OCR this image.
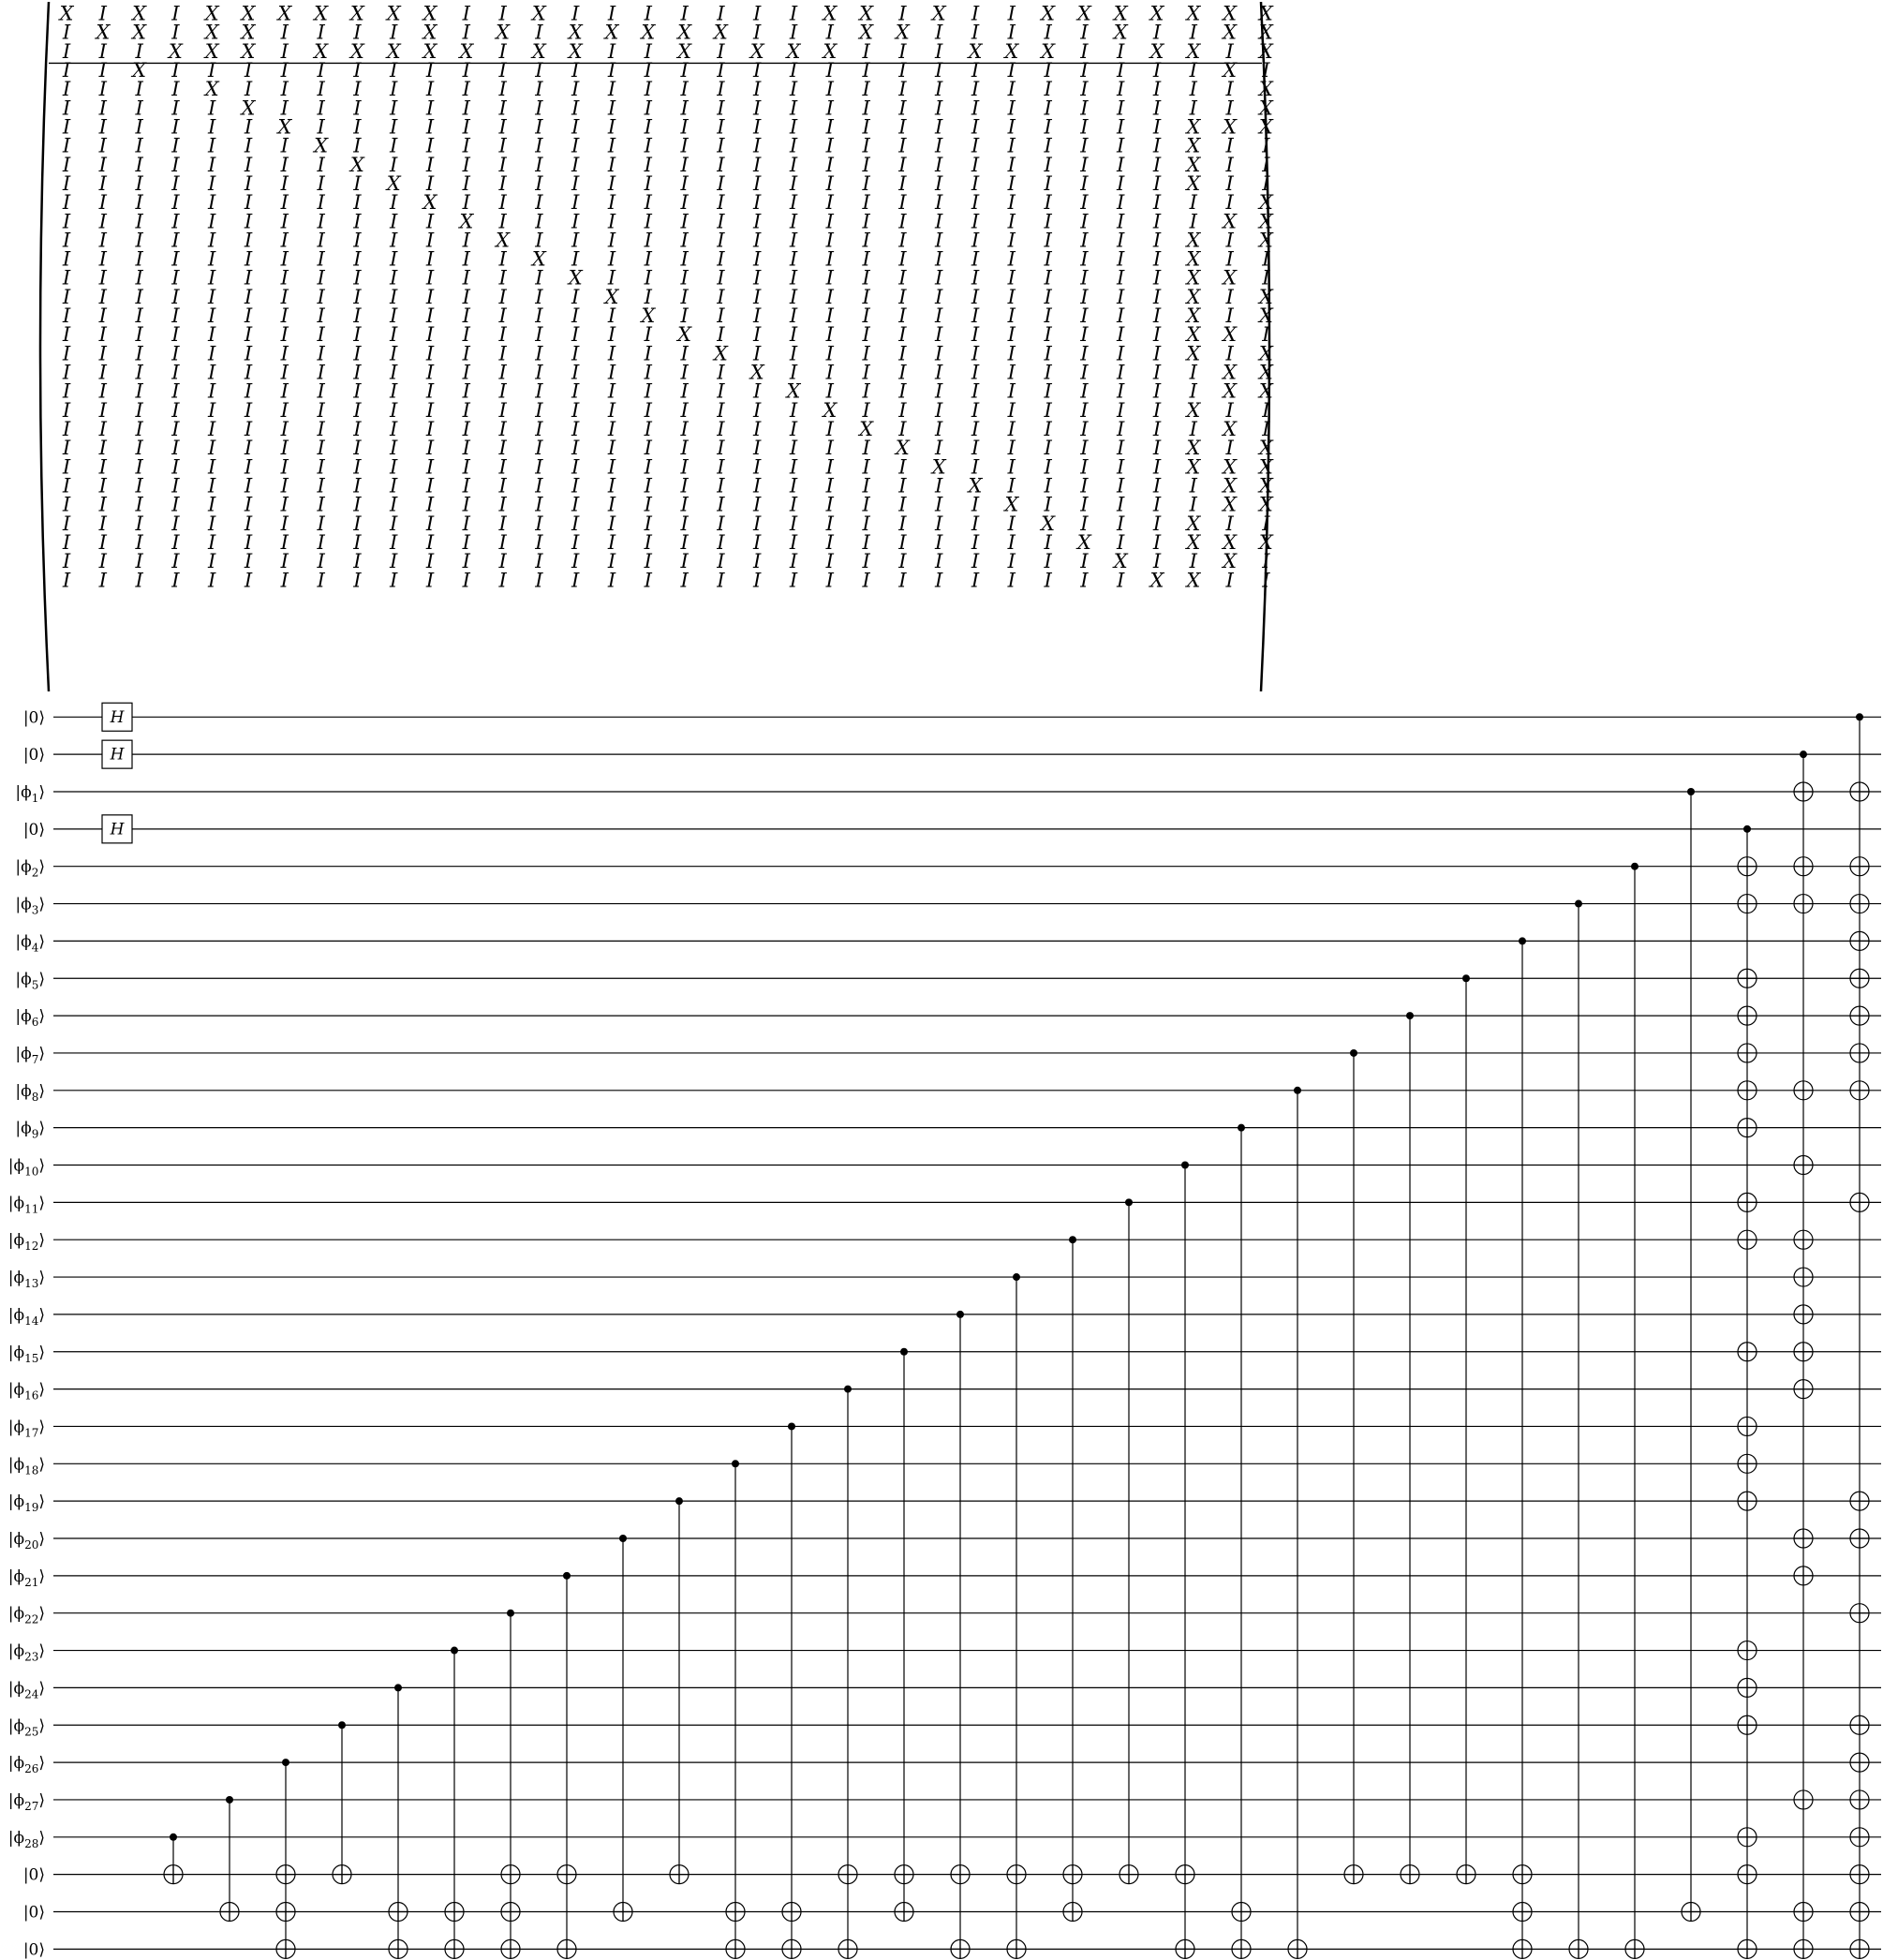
X I X I X X X X X X X I I X I I I I I I I X X I X I I X X X X X X X
I X X I X X I I I I X I X I X X X X X I I I X X I I I I I X I I X X
I I I X X X I X X X X X I X X I I X I X X X I I I X X X I I X X I X
I I X I I I I I I I I I I I I I I I I I I I I I I I I I I I I I X I
I I I I X I I I I I I I I I I I I I I I I I I I I I I I I I I I I X
I I I I I X I I I I I I I I I I I I I I I I I I I I I I I I I I I X
I I I I I I X I I I I I I I I I I I I I I I I I I I I I I I I X X X
I I I I I I I X I I I I I I I I I I I I I I I I I I I I I I I X I I
I I I I I I I I X I I I I I I I I I I I I I I I I I I I I I I X I I
I I I I I I I I I X I I I I I I I I I I I I I I I I I I I I I X I I
I I I I I I I I I I X I I I I I I I I I I I I I I I I I I I I I I X
I I I I I I I I I I I X I I I I I I I I I I I I I I I I I I I I X X
I I I I I I I I I I I I X I I I I I I I I I I I I I I I I I I X I X
I I I I I I I I I I I I I X I I I I I I I I I I I I I I I I I X I I
I I I I I I I I I I I I I I X I I I I I I I I I I I I I I I I X X I
I I I I I I I I I I I I I I I X I I I I I I I I I I I I I I I X I X
I I I I I I I I I I I I I I I I X I I I I I I I I I I I I I I X I X
I I I I I I I I I I I I I I I I I X I I I I I I I I I I I I I X X I
I I I I I I I I I I I I I I I I I I X I I I I I I I I I I I I X I X
I I I I I I I I I I I I I I I I I I I X I I I I I I I I I I I I X X
I I I I I I I I I I I I I I I I I I I I X I I I I I I I I I I I X X
I I I I I I I I I I I I I I I I I I I I I X I I I I I I I I I X I I
I I I I I I I I I I I I I I I I I I I I I I X I I I I I I I I I X I
I I I I I I I I I I I I I I I I I I I I I I I X I I I I I I I X I X
I I I I I I I I I I I I I I I I I I I I I I I I X I I I I I I X X X
I I I I I I I I I I I I I I I I I I I I I I I I I X I I I I I I X X
I I I I I I I I I I I I I I I I I I I I I I I I I I X I I I I I X X
I I I I I I I I I I I I I I I I I I I I I I I I I I I X I I I X I I
I I I I I I I I I I I I I I I I I I I I I I I I I I I I X I I X X X
I I I I I I I I I I I I I I I I I I I I I I I I I I I I I X I I X I
I I I I I I I I I I I I I I I I I I I I I I I I I I I I I I X X I I
|0⟩
|0⟩
$|\phi_1⟩$
|0⟩
$|\phi_2⟩$
$|\phi_3⟩$
$|\phi_4⟩$
$|\phi_5⟩$
$|\phi_6⟩$
$|\phi_7⟩$
$|\phi_8⟩$
$|\phi_9⟩$
$|\phi_{10}⟩$
$|\phi_{11}⟩$
$|\phi_{12}⟩$
$|\phi_{13}⟩$
$|\phi_{14}⟩$
$|\phi_{15}⟩$
$|\phi_{16}⟩$
$|\phi_{17}⟩$
$|\phi_{18}⟩$
$|\phi_{19}⟩$
$|\phi_{20}⟩$
$|\phi_{21}⟩$
$|\phi_{22}⟩$
$|\phi_{23}⟩$
$|\phi_{24}⟩$
$|\phi_{25}⟩$
$|\phi_{26}⟩$
$|\phi_{27}⟩$
$|\phi_{28}⟩$
|0⟩
|0⟩
|0⟩
H
H
H
